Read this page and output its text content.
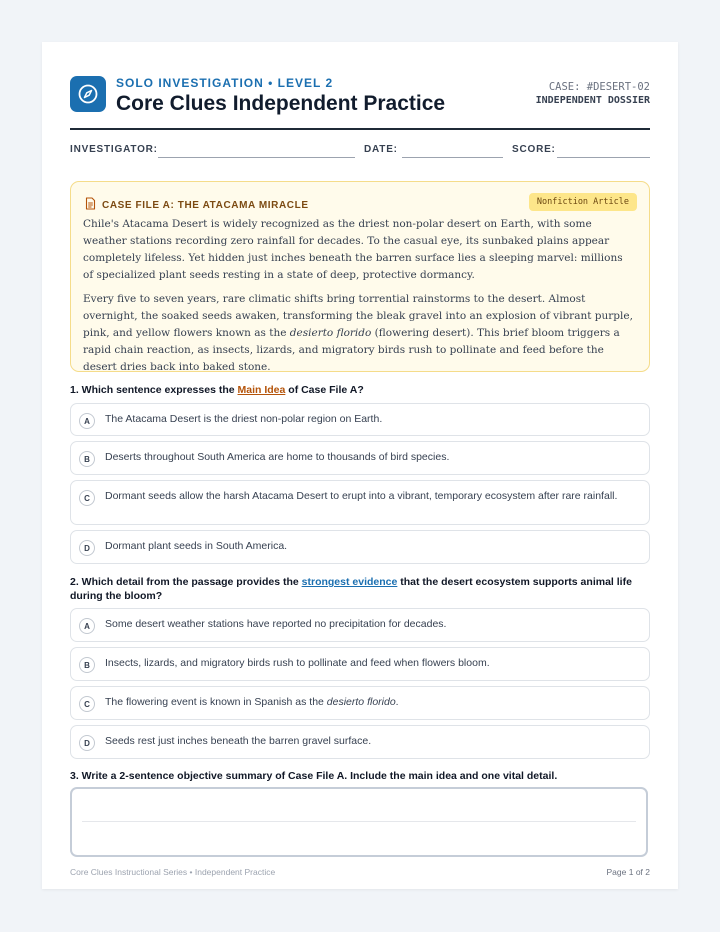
SOLO INVESTIGATION • LEVEL 2
Core Clues Independent Practice
CASE: #DESERT-02
INDEPENDENT DOSSIER
INVESTIGATOR:	DATE:	SCORE:
CASE FILE A: THE ATACAMA MIRACLE	Nonfiction Article

Chile's Atacama Desert is widely recognized as the driest non-polar desert on Earth, with some weather stations recording zero rainfall for decades. To the casual eye, its sunbaked plains appear completely lifeless. Yet hidden just inches beneath the barren surface lies a sleeping marvel: millions of specialized plant seeds resting in a state of deep, protective dormancy.

Every five to seven years, rare climatic shifts bring torrential rainstorms to the desert. Almost overnight, the soaked seeds awaken, transforming the bleak gravel into an explosion of vibrant purple, pink, and yellow flowers known as the desierto florido (flowering desert). This brief bloom triggers a rapid chain reaction, as insects, lizards, and migratory birds rush to pollinate and feed before the desert dries back into baked stone.

1. Which sentence expresses the Main Idea of Case File A?
A	The Atacama Desert is the driest non-polar region on Earth.
B	Deserts throughout South America are home to thousands of bird species.
C	Dormant seeds allow the harsh Atacama Desert to erupt into a vibrant, temporary ecosystem after rare rainfall.
D	Dormant plant seeds in South America.
2. Which detail from the passage provides the strongest evidence that the desert ecosystem supports animal life during the bloom?
A	Some desert weather stations have reported no precipitation for decades.
B	Insects, lizards, and migratory birds rush to pollinate and feed when flowers bloom.
C	The flowering event is known in Spanish as the desierto florido.
D	Seeds rest just inches beneath the barren gravel surface.
3. Write a 2-sentence objective summary of Case File A. Include the main idea and one vital detail.
Core Clues Instructional Series • Independent Practice	Page 1 of 2
